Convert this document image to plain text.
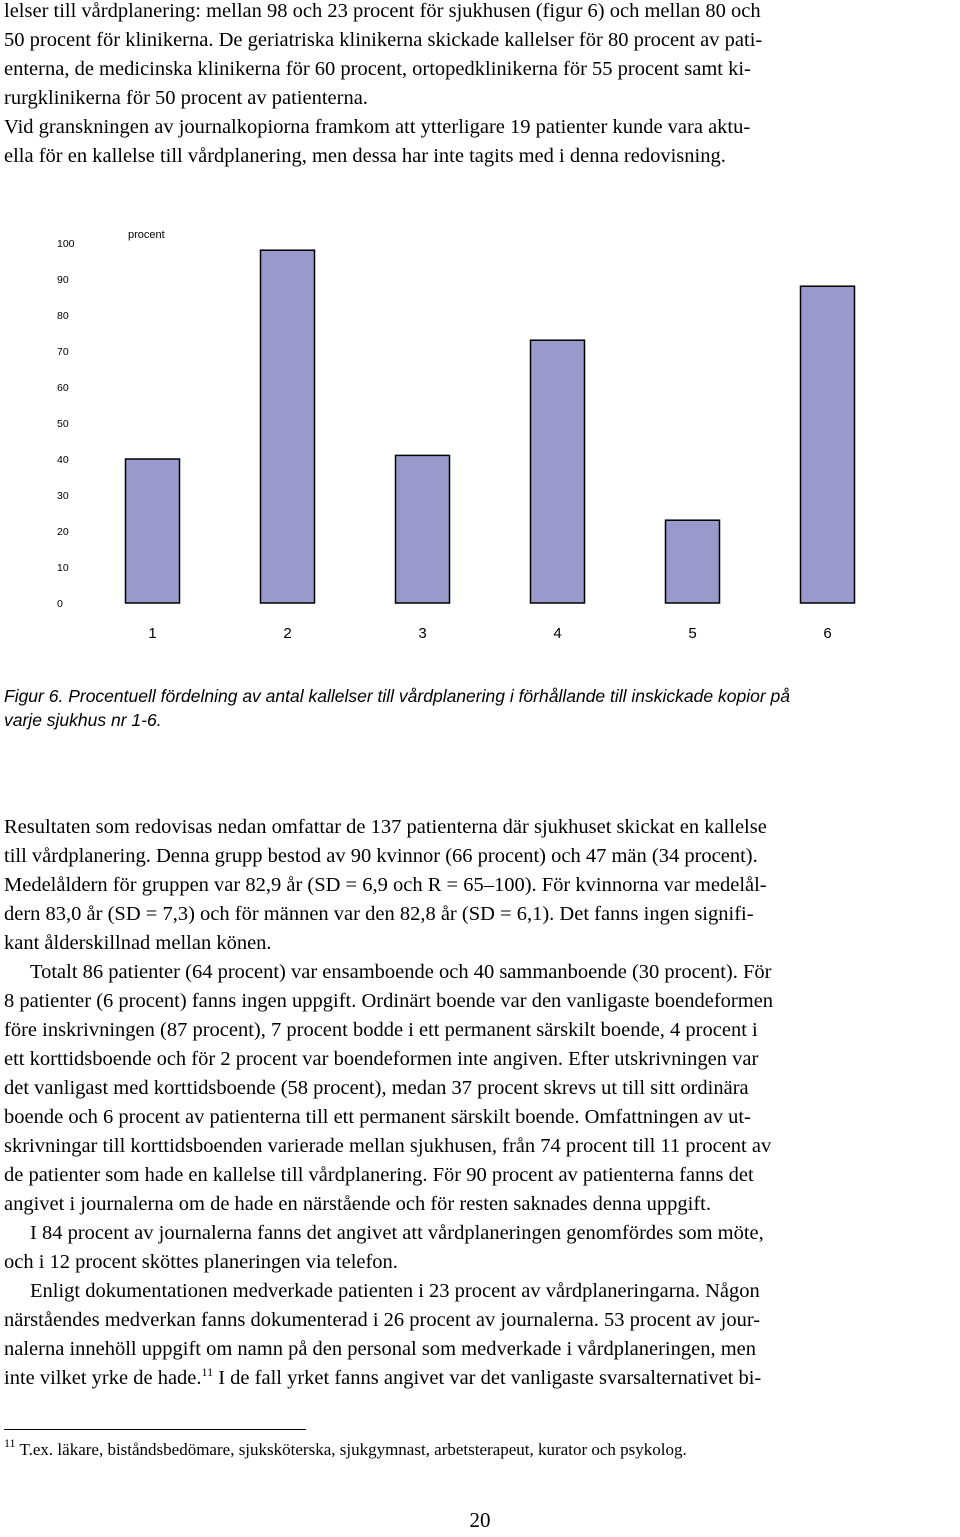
lelser till vårdplanering: mellan 98 och 23 procent för sjukhusen (figur 6) och mellan 80 och
50 procent för klinikerna. De geriatriska klinikerna skickade kallelser för 80 procent av pati-
enterna, de medicinska klinikerna för 60 procent, ortopedklinikerna för 55 procent samt ki-
rurgklinikerna för 50 procent av patienterna.

Vid granskningen av journalkopiorna framkom att ytterligare 19 patienter kunde vara aktu-
ella för en kallelse till vårdplanering, men dessa har inte tagits med i denna redovisning.

procent
0
10
20
30
40
50
60
70
80
90
100
1	2	3	4	5	6

Figur 6. Procentuell fördelning av antal kallelser till vårdplanering i förhållande till inskickade kopior på
varje sjukhus nr 1-6.

Resultaten som redovisas nedan omfattar de 137 patienterna där sjukhuset skickat en kallelse
till vårdplanering. Denna grupp bestod av 90 kvinnor (66 procent) och 47 män (34 procent).
Medelåldern för gruppen var 82,9 år (SD = 6,9 och R = 65–100). För kvinnorna var medelål-
dern 83,0 år (SD = 7,3) och för männen var den 82,8 år (SD = 6,1). Det fanns ingen signifi-
kant ålderskillnad mellan könen.

Totalt 86 patienter (64 procent) var ensamboende och 40 sammanboende (30 procent). För
8 patienter (6 procent) fanns ingen uppgift. Ordinärt boende var den vanligaste boendeformen
före inskrivningen (87 procent), 7 procent bodde i ett permanent särskilt boende, 4 procent i
ett korttidsboende och för 2 procent var boendeformen inte angiven. Efter utskrivningen var
det vanligast med korttidsboende (58 procent), medan 37 procent skrevs ut till sitt ordinära
boende och 6 procent av patienterna till ett permanent särskilt boende. Omfattningen av ut-
skrivningar till korttidsboenden varierade mellan sjukhusen, från 74 procent till 11 procent av
de patienter som hade en kallelse till vårdplanering. För 90 procent av patienterna fanns det
angivet i journalerna om de hade en närstående och för resten saknades denna uppgift.

I 84 procent av journalerna fanns det angivet att vårdplaneringen genomfördes som möte,
och i 12 procent sköttes planeringen via telefon.

Enligt dokumentationen medverkade patienten i 23 procent av vårdplaneringarna. Någon
närståendes medverkan fanns dokumenterad i 26 procent av journalerna. 53 procent av jour-
nalerna innehöll uppgift om namn på den personal som medverkade i vårdplaneringen, men
inte vilket yrke de hade.$^{11}$ I de fall yrket fanns angivet var det vanligaste svarsalternativet bi-

$^{11}$ T.ex. läkare, biståndsbedömare, sjuksköterska, sjukgymnast, arbetsterapeut, kurator och psykolog.

20
